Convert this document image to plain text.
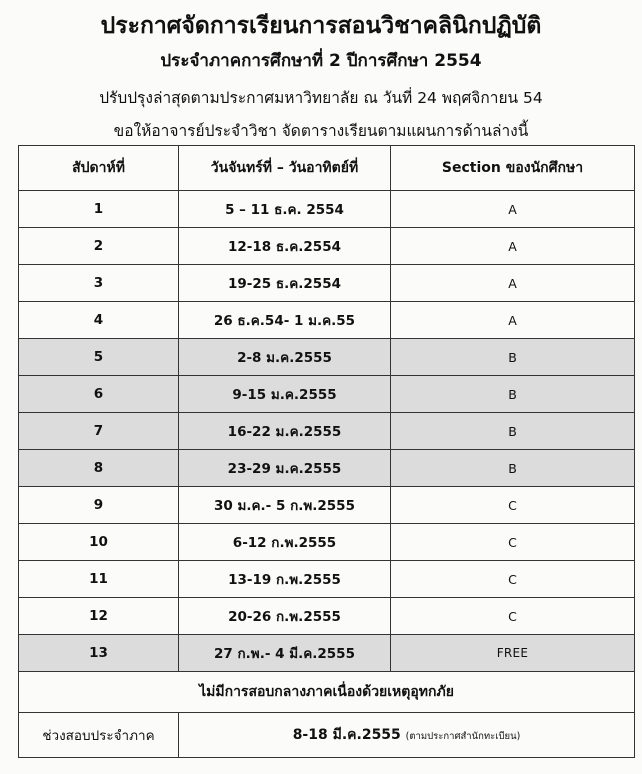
ประกาศจัดการเรียนการสอนวิชาคลินิกปฏิบัติ
ประจำภาคการศึกษาที่ 2 ปีการศึกษา 2554
ปรับปรุงล่าสุดตามประกาศมหาวิทยาลัย ณ วันที่ 24 พฤศจิกายน 54
ขอให้อาจารย์ประจำวิชา จัดตารางเรียนตามแผนการด้านล่างนี้
สัปดาห์ที่	วันจันทร์ที่ – วันอาทิตย์ที่	Section ของนักศึกษา
1	5 – 11 ธ.ค. 2554	A
2	12-18 ธ.ค.2554	A
3	19-25 ธ.ค.2554	A
4	26 ธ.ค.54- 1 ม.ค.55	A
5	2-8 ม.ค.2555	B
6	9-15 ม.ค.2555	B
7	16-22 ม.ค.2555	B
8	23-29 ม.ค.2555	B
9	30 ม.ค.- 5 ก.พ.2555	C
10	6-12 ก.พ.2555	C
11	13-19 ก.พ.2555	C
12	20-26 ก.พ.2555	C
13	27 ก.พ.- 4 มี.ค.2555	FREE
ไม่มีการสอบกลางภาคเนื่องด้วยเหตุอุทกภัย		
ช่วงสอบประจำภาค	8-18 มี.ค.2555 (ตามประกาศสำนักทะเบียน)	
